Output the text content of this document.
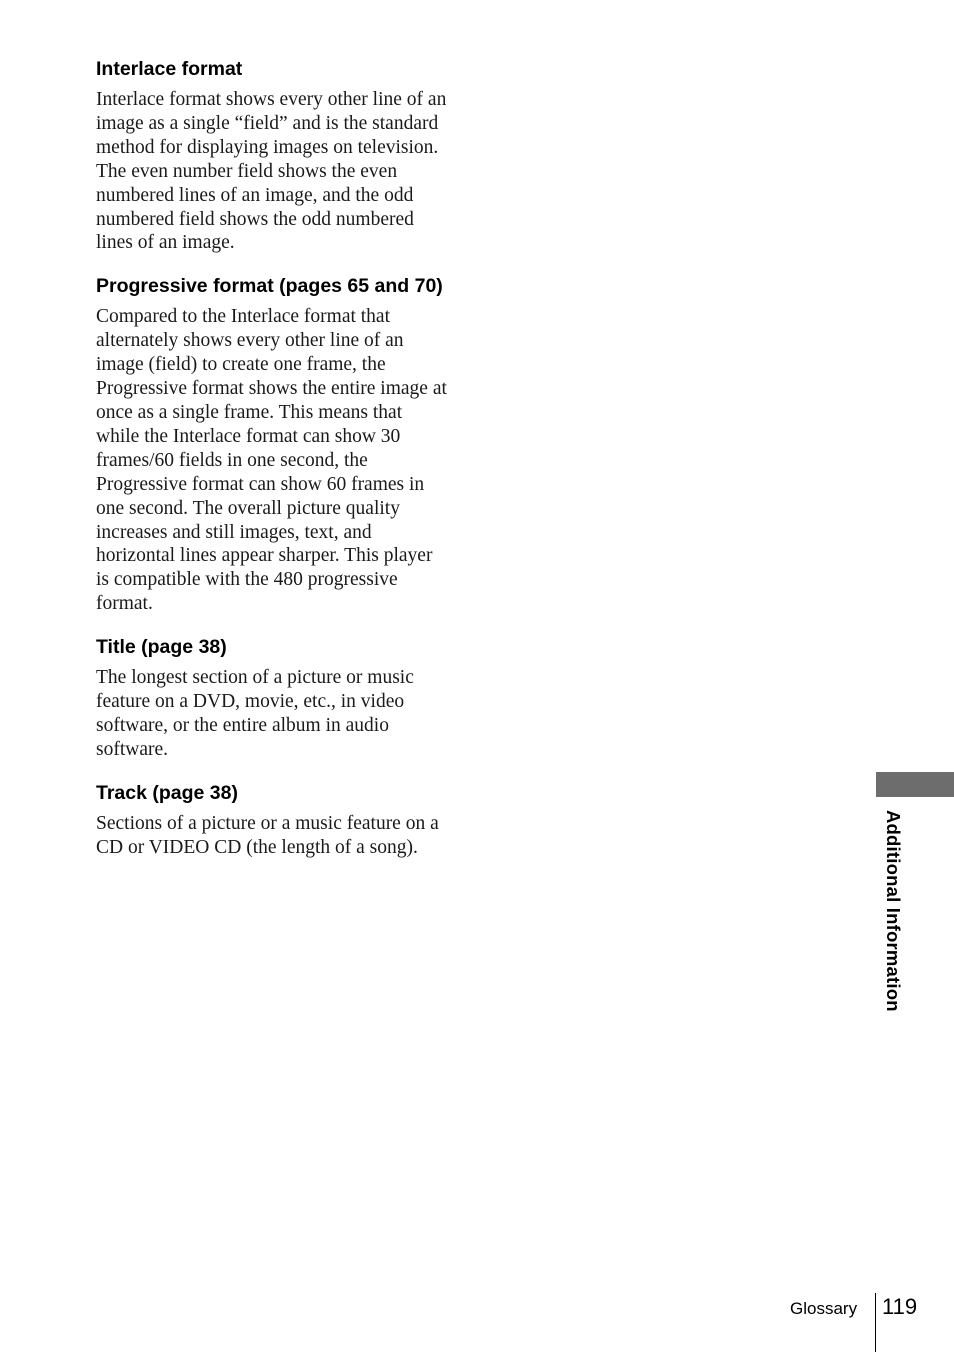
Interlace format
Interlace format shows every other line of an
image as a single “field” and is the standard
method for displaying images on television.
The even number field shows the even
numbered lines of an image, and the odd
numbered field shows the odd numbered
lines of an image.
Progressive format (pages 65 and 70)
Compared to the Interlace format that
alternately shows every other line of an
image (field) to create one frame, the
Progressive format shows the entire image at
once as a single frame. This means that
while the Interlace format can show 30
frames/60 fields in one second, the
Progressive format can show 60 frames in
one second. The overall picture quality
increases and still images, text, and
horizontal lines appear sharper. This player
is compatible with the 480 progressive
format.
Title (page 38)
The longest section of a picture or music
feature on a DVD, movie, etc., in video
software, or the entire album in audio
software.
Track (page 38)
Sections of a picture or a music feature on a
CD or VIDEO CD (the length of a song).	Additional Information
Glossary 119
